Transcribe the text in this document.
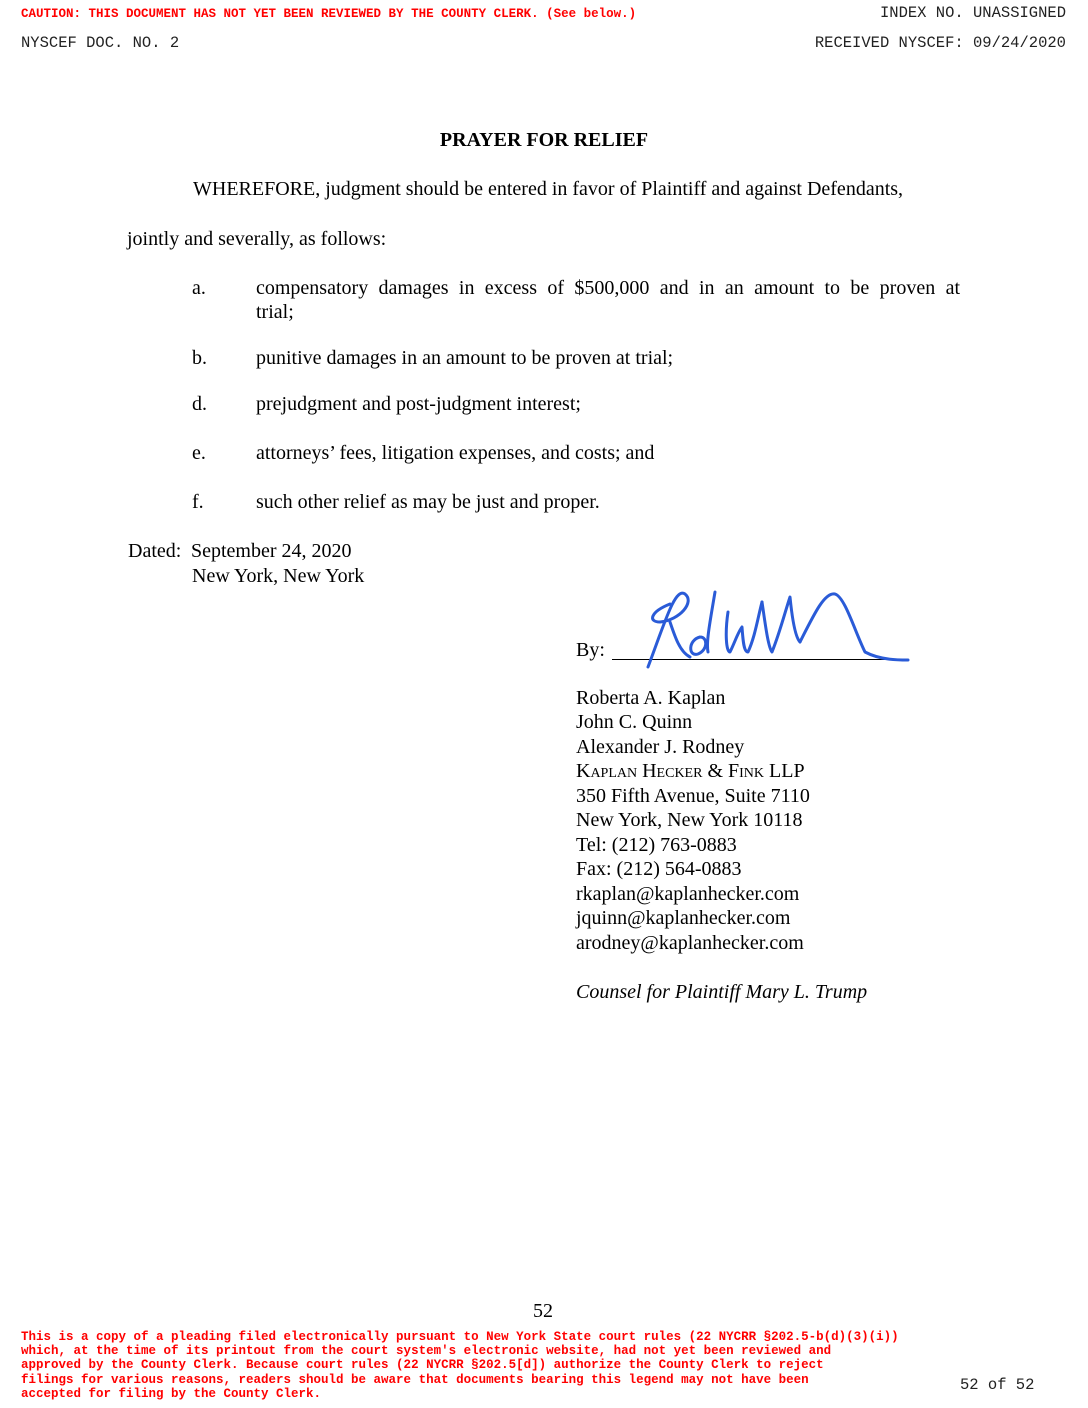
CAUTION: THIS DOCUMENT HAS NOT YET BEEN REVIEWED BY THE COUNTY CLERK. (See below.)	INDEX NO. UNASSIGNED
NYSCEF DOC. NO. 2	RECEIVED NYSCEF: 09/24/2020
PRAYER FOR RELIEF
WHEREFORE, judgment should be entered in favor of Plaintiff and against Defendants,
jointly and severally, as follows:
a.	compensatory damages in excess of $500,000 and in an amount to be proven at
trial;
b. punitive damages in an amount to be proven at trial;
d. prejudgment and post-judgment interest;
e.	attorneys’ fees, litigation expenses, and costs; and
f.	such other relief as may be just and proper.
Dated: September 24, 2020
New York, New York
By:
Roberta A. Kaplan
John C. Quinn
Alexander J. Rodney
Kaplan Hecker & Fink LLP
350 Fifth Avenue, Suite 7110
New York, New York 10118
Tel: (212) 763-0883
Fax: (212) 564-0883
rkaplan@kaplanhecker.com
jquinn@kaplanhecker.com
arodney@kaplanhecker.com
Counsel for Plaintiff Mary L. Trump
52
This is a copy of a pleading filed electronically pursuant to New York State court rules (22 NYCRR §202.5-b(d)(3)(i))
which, at the time of its printout from the court system's electronic website, had not yet been reviewed and
approved by the County Clerk. Because court rules (22 NYCRR §202.5[d]) authorize the County Clerk to reject
filings for various reasons, readers should be aware that documents bearing this legend may not have been
accepted for filing by the County Clerk.	52 of 52
